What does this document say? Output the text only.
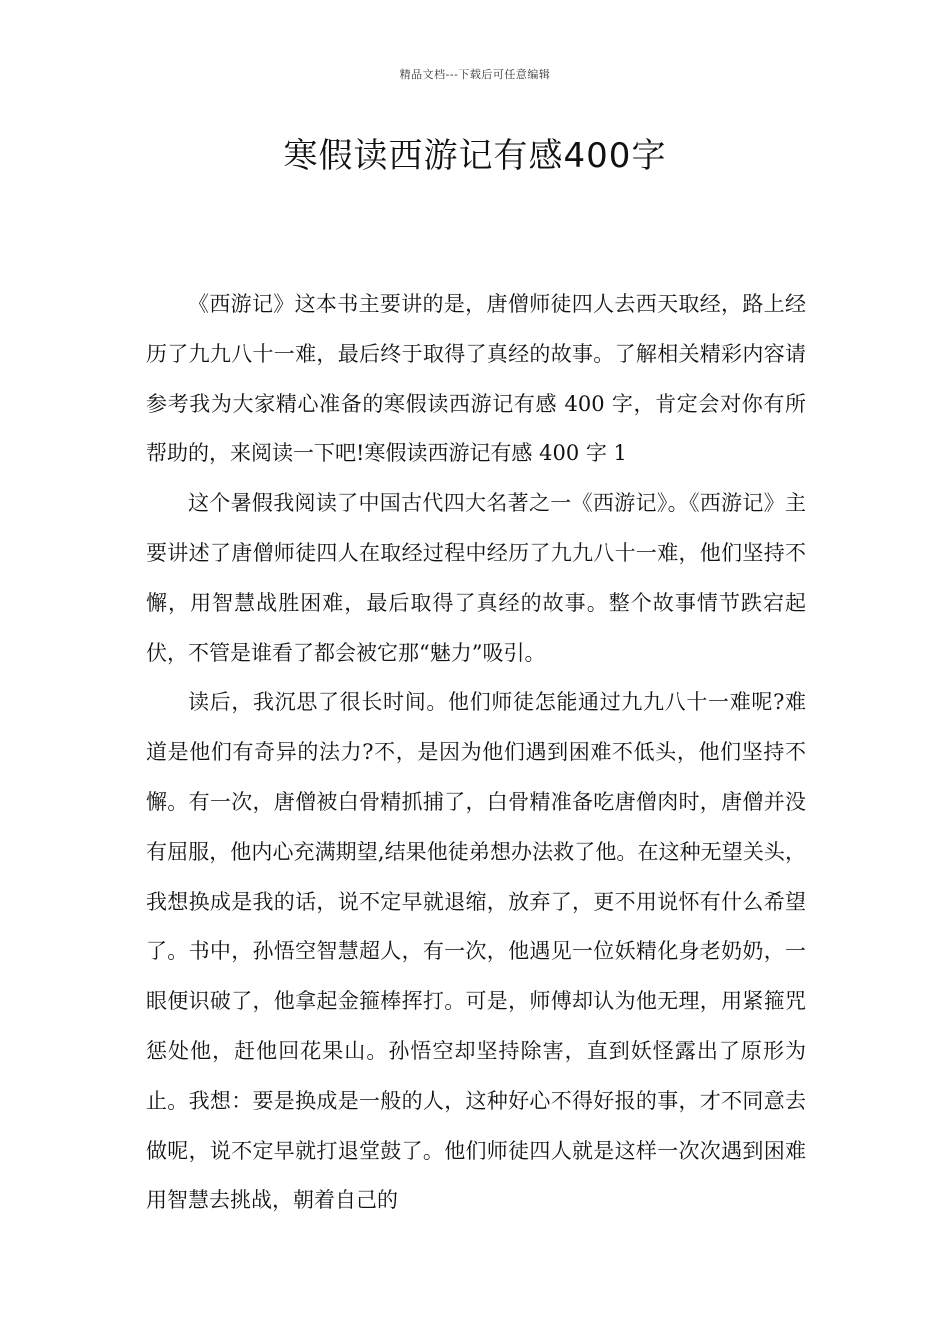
精品文档---下载后可任意编辑
寒假读西游记有感400字

《西游记》这本书主要讲的是，唐僧师徒四人去西天取经，路上经历了九九八十一难，最后终于取得了真经的故事。了解相关精彩内容请参考我为大家精心准备的寒假读西游记有感 400 字，肯定会对你有所帮助的，来阅读一下吧!寒假读西游记有感 400 字 1

这个暑假我阅读了中国古代四大名著之一《西游记》。《西游记》主要讲述了唐僧师徒四人在取经过程中经历了九九八十一难，他们坚持不懈，用智慧战胜困难，最后取得了真经的故事。整个故事情节跌宕起伏，不管是谁看了都会被它那“魅力”吸引。

读后，我沉思了很长时间。他们师徒怎能通过九九八十一难呢?难道是他们有奇异的法力?不，是因为他们遇到困难不低头，他们坚持不懈。有一次，唐僧被白骨精抓捕了，白骨精准备吃唐僧肉时，唐僧并没有屈服，他内心充满期望,结果他徒弟想办法救了他。在这种无望关头，我想换成是我的话，说不定早就退缩，放弃了，更不用说怀有什么希望了。书中，孙悟空智慧超人，有一次，他遇见一位妖精化身老奶奶，一眼便识破了，他拿起金箍棒挥打。可是，师傅却认为他无理，用紧箍咒惩处他，赶他回花果山。孙悟空却坚持除害，直到妖怪露出了原形为止。我想：要是换成是一般的人，这种好心不得好报的事，才不同意去做呢，说不定早就打退堂鼓了。他们师徒四人就是这样一次次遇到困难用智慧去挑战，朝着自己的
